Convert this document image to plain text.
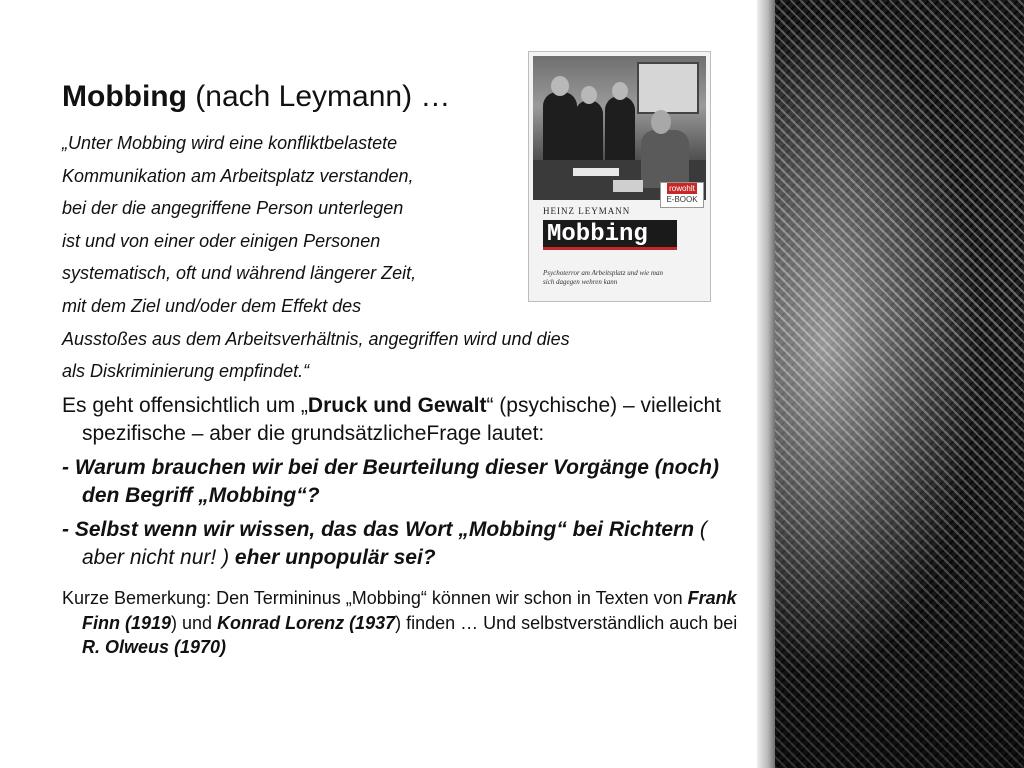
Mobbing (nach Leymann) …
„Unter Mobbing wird eine konfliktbelastete
Kommunikation am Arbeitsplatz verstanden,
bei der die angegriffene Person unterlegen
ist und von einer oder einigen Personen
systematisch, oft und während längerer Zeit,
mit dem Ziel und/oder dem Effekt des
Ausstoßes aus dem Arbeitsverhältnis, angegriffen wird und dies
als Diskriminierung empfindet.“
Es geht offensichtlich um „Druck und Gewalt“ (psychische) – vielleicht spezifische – aber die grundsätzlicheFrage lautet:
- Warum brauchen wir bei der Beurteilung dieser Vorgänge (noch) den Begriff „Mobbing“?
- Selbst wenn wir wissen, das das Wort „Mobbing“ bei Richtern ( aber nicht nur! ) eher unpopulär sei?
Kurze Bemerkung: Den Termininus „Mobbing“ können wir schon in Texten von Frank Finn (1919) und Konrad Lorenz (1937) finden … Und selbstverständlich auch bei R. Olweus (1970)
rowohlt
E-BOOK
HEINZ LEYMANN
Mobbing
Psychoterror am Arbeitsplatz und wie man sich dagegen wehren kann
